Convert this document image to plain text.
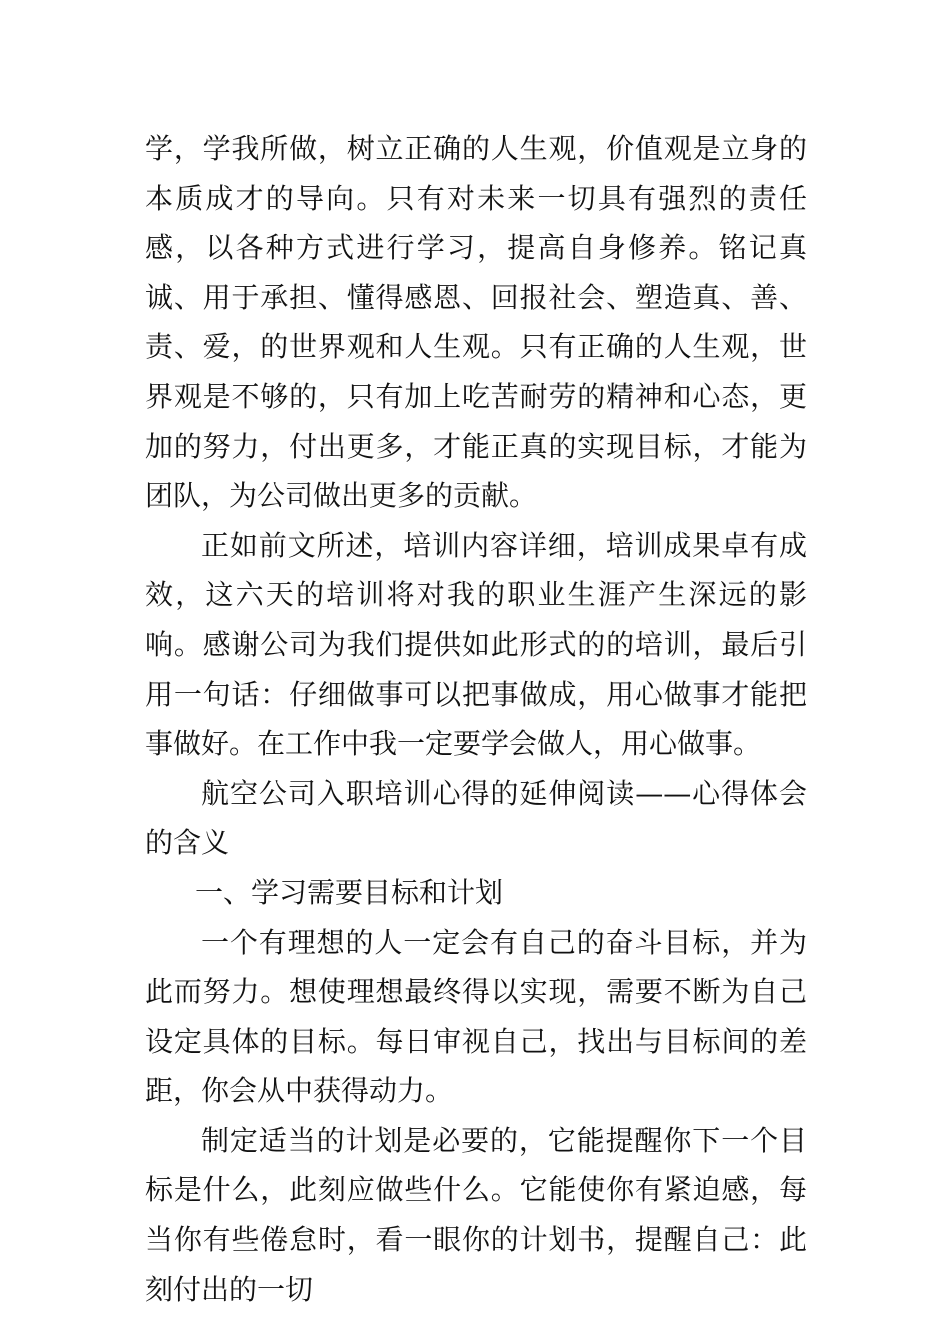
学，学我所做，树立正确的人生观，价值观是立身的本质成才的导向。只有对未来一切具有强烈的责任感，以各种方式进行学习，提高自身修养。铭记真诚、用于承担、懂得感恩、回报社会、塑造真、善、责、爱，的世界观和人生观。只有正确的人生观，世界观是不够的，只有加上吃苦耐劳的精神和心态，更加的努力，付出更多，才能正真的实现目标，才能为团队，为公司做出更多的贡献。

正如前文所述，培训内容详细，培训成果卓有成效，这六天的培训将对我的职业生涯产生深远的影响。感谢公司为我们提供如此形式的的培训，最后引用一句话：仔细做事可以把事做成，用心做事才能把事做好。在工作中我一定要学会做人，用心做事。

航空公司入职培训心得的延伸阅读——心得体会的含义

一、学习需要目标和计划

一个有理想的人一定会有自己的奋斗目标，并为此而努力。想使理想最终得以实现，需要不断为自己设定具体的目标。每日审视自己，找出与目标间的差距，你会从中获得动力。

制定适当的计划是必要的，它能提醒你下一个目标是什么，此刻应做些什么。它能使你有紧迫感，每当你有些倦怠时，看一眼你的计划书，提醒自己：此刻付出的一切
